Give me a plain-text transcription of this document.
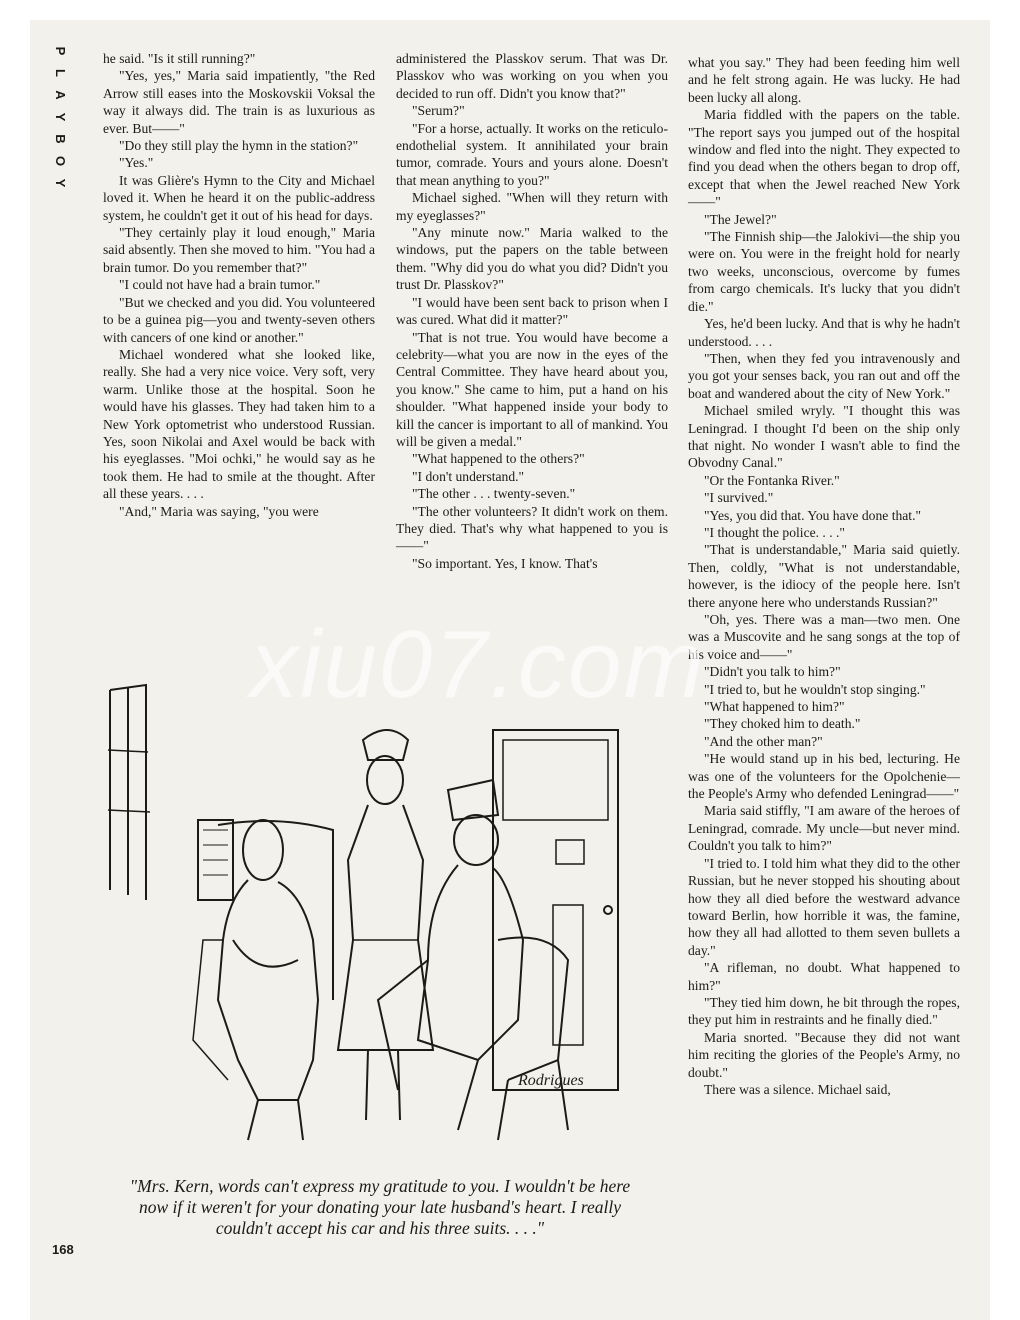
P
L
A
Y
B
O
Y

he said. "Is it still running?"

"Yes, yes," Maria said impatiently, "the Red Arrow still eases into the Moskovskii Voksal the way it always did. The train is as luxurious as ever. But——"

"Do they still play the hymn in the station?"

"Yes."

It was Glière's Hymn to the City and Michael loved it. When he heard it on the public-address system, he couldn't get it out of his head for days.

"They certainly play it loud enough," Maria said absently. Then she moved to him. "You had a brain tumor. Do you remember that?"

"I could not have had a brain tumor."

"But we checked and you did. You volunteered to be a guinea pig—you and twenty-seven others with cancers of one kind or another."

Michael wondered what she looked like, really. She had a very nice voice. Very soft, very warm. Unlike those at the hospital. Soon he would have his glasses. They had taken him to a New York optometrist who understood Russian. Yes, soon Nikolai and Axel would be back with his eyeglasses. "Moi ochki," he would say as he took them. He had to smile at the thought. After all these years. . . .

"And," Maria was saying, "you were

administered the Plasskov serum. That was Dr. Plasskov who was working on you when you decided to run off. Didn't you know that?"

"Serum?"

"For a horse, actually. It works on the reticulo-endothelial system. It annihilated your brain tumor, comrade. Yours and yours alone. Doesn't that mean anything to you?"

Michael sighed. "When will they return with my eyeglasses?"

"Any minute now." Maria walked to the windows, put the papers on the table between them. "Why did you do what you did? Didn't you trust Dr. Plasskov?"

"I would have been sent back to prison when I was cured. What did it matter?"

"That is not true. You would have become a celebrity—what you are now in the eyes of the Central Committee. They have heard about you, you know." She came to him, put a hand on his shoulder. "What happened inside your body to kill the cancer is important to all of mankind. You will be given a medal."

"What happened to the others?"

"I don't understand."

"The other . . . twenty-seven."

"The other volunteers? It didn't work on them. They died. That's why what happened to you is——"

"So important. Yes, I know. That's

what you say." They had been feeding him well and he felt strong again. He was lucky. He had been lucky all along.

Maria fiddled with the papers on the table. "The report says you jumped out of the hospital window and fled into the night. They expected to find you dead when the others began to drop off, except that when the Jewel reached New York——"

"The Jewel?"

"The Finnish ship—the Jalokivi—the ship you were on. You were in the freight hold for nearly two weeks, unconscious, overcome by fumes from cargo chemicals. It's lucky that you didn't die."

Yes, he'd been lucky. And that is why he hadn't understood. . . .

"Then, when they fed you intravenously and you got your senses back, you ran out and off the boat and wandered about the city of New York."

Michael smiled wryly. "I thought this was Leningrad. I thought I'd been on the ship only that night. No wonder I wasn't able to find the Obvodny Canal."

"Or the Fontanka River."

"I survived."

"Yes, you did that. You have done that."

"I thought the police. . . ."

"That is understandable," Maria said quietly. Then, coldly, "What is not understandable, however, is the idiocy of the people here. Isn't there anyone here who understands Russian?"

"Oh, yes. There was a man—two men. One was a Muscovite and he sang songs at the top of his voice and——"

"Didn't you talk to him?"

"I tried to, but he wouldn't stop singing."

"What happened to him?"

"They choked him to death."

"And the other man?"

"He would stand up in his bed, lecturing. He was one of the volunteers for the Opolchenie—the People's Army who defended Leningrad——"

Maria said stiffly, "I am aware of the heroes of Leningrad, comrade. My uncle—but never mind. Couldn't you talk to him?"

"I tried to. I told him what they did to the other Russian, but he never stopped his shouting about how they all died before the westward advance toward Berlin, how horrible it was, the famine, how they all had allotted to them seven bullets a day."

"A rifleman, no doubt. What happened to him?"

"They tied him down, he bit through the ropes, they put him in restraints and he finally died."

Maria snorted. "Because they did not want him reciting the glories of the People's Army, no doubt."

There was a silence. Michael said,

Rodrigues
xiu07.com
"Mrs. Kern, words can't express my gratitude to you. I wouldn't be here now if it weren't for your donating your late husband's heart. I really couldn't accept his car and his three suits. . . ."
168
